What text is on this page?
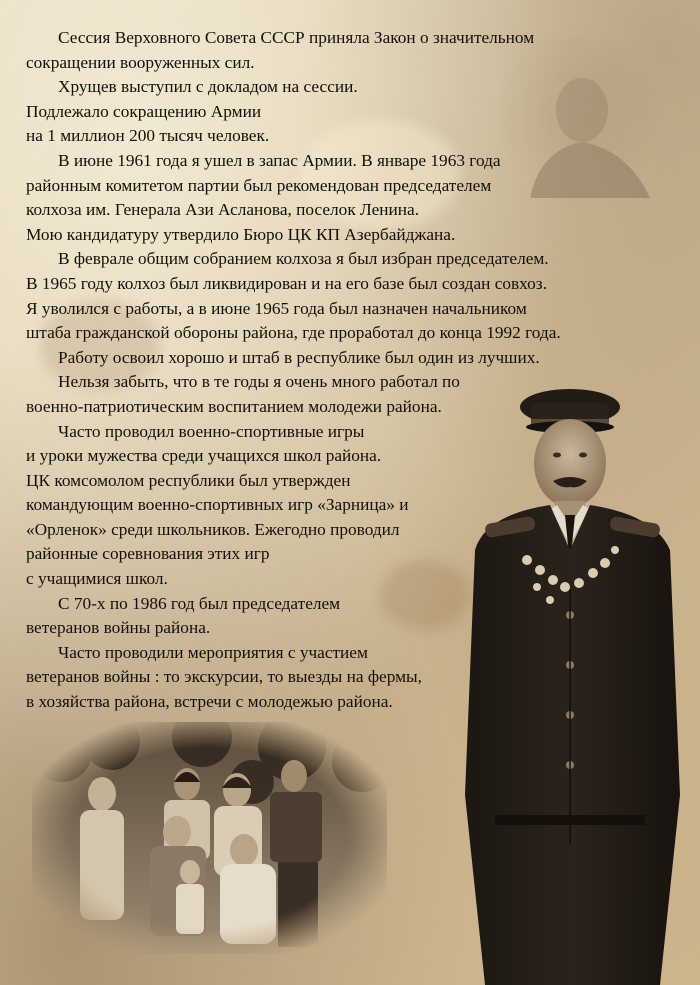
Сессия Верховного Совета СССР приняла Закон о значительном

сокращении вооруженных сил.

Хрущев выступил с докладом на сессии.

Подлежало сокращению Армии

на 1 миллион 200 тысяч человек.

В июне 1961 года я ушел в запас Армии. В январе 1963 года

районным комитетом партии был рекомендован председателем

колхоза им. Генерала Ази Асланова, поселок Ленина.

Мою кандидатуру утвердило Бюро ЦК КП Азербайджана.

В феврале общим собранием колхоза я был избран председателем.

В 1965 году колхоз был ликвидирован и на его базе был создан совхоз.

Я уволился с работы, а в июне 1965 года был назначен начальником

штаба гражданской обороны района, где проработал до конца 1992 года.

Работу освоил хорошо и штаб в республике был один из лучших.

Нельзя забыть, что в те годы я очень много работал по

военно-патриотическим воспитанием молодежи района.

Часто проводил военно-спортивные игры

и уроки мужества среди учащихся школ района.

ЦК комсомолом республики был утвержден

командующим военно-спортивных игр «Зарница» и

«Орленок» среди школьников. Ежегодно проводил

районные соревнования этих игр

с учащимися школ.

С 70-х по 1986 год был председателем

ветеранов войны района.

Часто проводили мероприятия с участием

ветеранов войны : то экскурсии, то выезды на фермы,

в хозяйства района, встречи с молодежью района.
